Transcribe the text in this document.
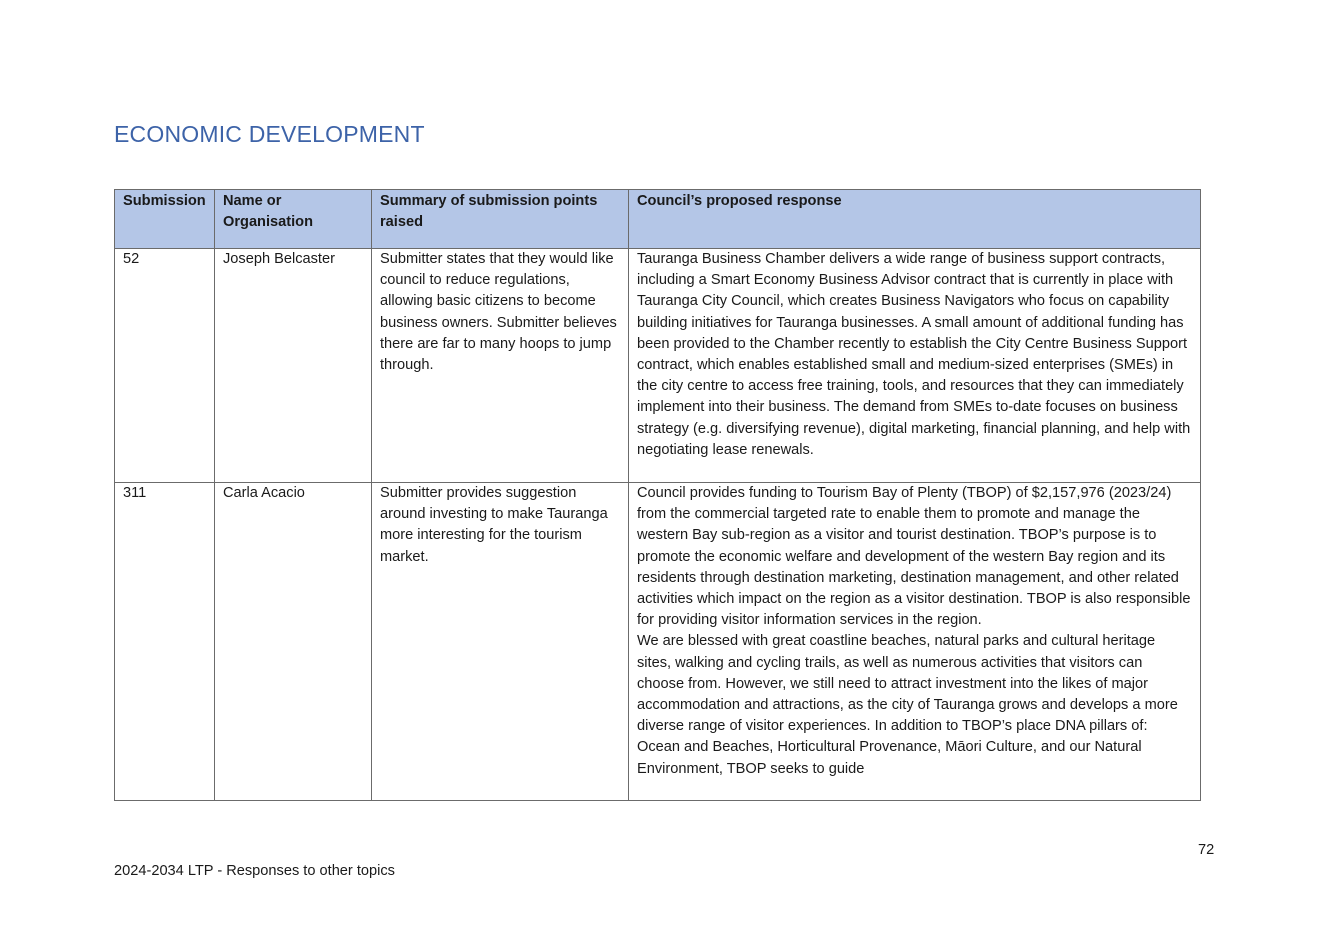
ECONOMIC DEVELOPMENT
Submission	Name or Organisation	Summary of submission points raised	Council’s proposed response

52	Joseph Belcaster	Submitter states that they would like council to reduce regulations, allowing basic citizens to become business owners. Submitter believes there are far to many hoops to jump through.	Tauranga Business Chamber delivers a wide range of business support contracts, including a Smart Economy Business Advisor contract that is currently in place with Tauranga City Council, which creates Business Navigators who focus on capability building initiatives for Tauranga businesses. A small amount of additional funding has been provided to the Chamber recently to establish the City Centre Business Support contract, which enables established small and medium-sized enterprises (SMEs) in the city centre to access free training, tools, and resources that they can immediately implement into their business. The demand from SMEs to-date focuses on business strategy (e.g. diversifying revenue), digital marketing, financial planning, and help with negotiating lease renewals.

311	Carla Acacio	Submitter provides suggestion around investing to make Tauranga more interesting for the tourism market.	Council provides funding to Tourism Bay of Plenty (TBOP) of $2,157,976 (2023/24) from the commercial targeted rate to enable them to promote and manage the western Bay sub-region as a visitor and tourist destination. TBOP’s purpose is to promote the economic welfare and development of the western Bay region and its residents through destination marketing, destination management, and other related activities which impact on the region as a visitor destination. TBOP is also responsible for providing visitor information services in the region.

We are blessed with great coastline beaches, natural parks and cultural heritage sites, walking and cycling trails, as well as numerous activities that visitors can choose from. However, we still need to attract investment into the likes of major accommodation and attractions, as the city of Tauranga grows and develops a more diverse range of visitor experiences. In addition to TBOP’s place DNA pillars of: Ocean and Beaches, Horticultural Provenance, Māori Culture, and our Natural Environment, TBOP seeks to guide

72
2024-2034 LTP - Responses to other topics
